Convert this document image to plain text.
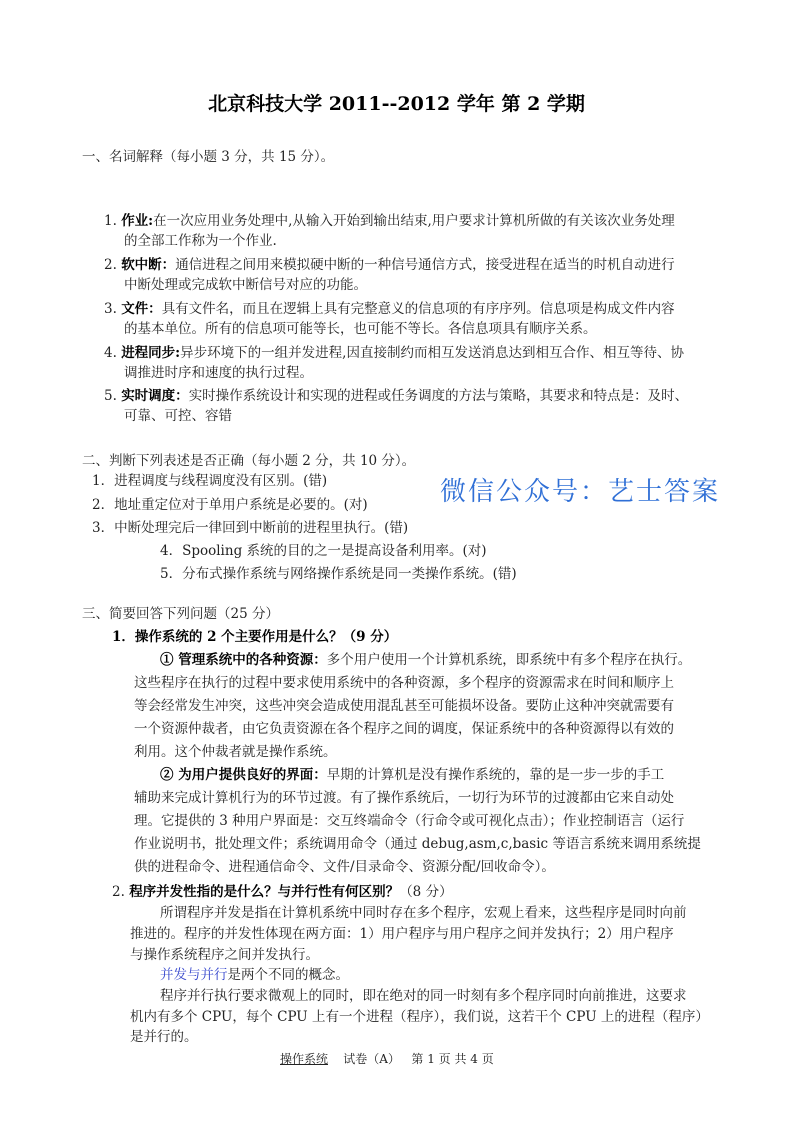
北京科技大学 2011--2012 学年 第 2 学期
一、名词解释（每小题 3 分，共 15 分）。
1. 作业:在一次应用业务处理中,从输入开始到输出结束,用户要求计算机所做的有关该次业务处理
的全部工作称为一个作业.
2. 软中断：通信进程之间用来模拟硬中断的一种信号通信方式，接受进程在适当的时机自动进行
中断处理或完成软中断信号对应的功能。
3. 文件：具有文件名，而且在逻辑上具有完整意义的信息项的有序序列。信息项是构成文件内容
的基本单位。所有的信息项可能等长，也可能不等长。各信息项具有顺序关系。
4. 进程同步:异步环境下的一组并发进程,因直接制约而相互发送消息达到相互合作、相互等待、协
调推进时序和速度的执行过程。
5. 实时调度：实时操作系统设计和实现的进程或任务调度的方法与策略，其要求和特点是：及时、
可靠、可控、容错
二、判断下列表述是否正确（每小题 2 分，共 10 分）。
1．进程调度与线程调度没有区别。(错)
2．地址重定位对于单用户系统是必要的。(对)
3．中断处理完后一律回到中断前的进程里执行。(错)
4．Spooling 系统的目的之一是提高设备利用率。(对)
5．分布式操作系统与网络操作系统是同一类操作系统。(错)
三、简要回答下列问题（25 分）
1．操作系统的 2 个主要作用是什么？（9 分）
① 管理系统中的各种资源：多个用户使用一个计算机系统，即系统中有多个程序在执行。
这些程序在执行的过程中要求使用系统中的各种资源，多个程序的资源需求在时间和顺序上
等会经常发生冲突，这些冲突会造成使用混乱甚至可能损坏设备。要防止这种冲突就需要有
一个资源仲裁者，由它负责资源在各个程序之间的调度，保证系统中的各种资源得以有效的
利用。这个仲裁者就是操作系统。
② 为用户提供良好的界面：早期的计算机是没有操作系统的，靠的是一步一步的手工
辅助来完成计算机行为的环节过渡。有了操作系统后，一切行为环节的过渡都由它来自动处
理。它提供的 3 种用户界面是：交互终端命令（行命令或可视化点击）；作业控制语言（运行
作业说明书，批处理文件；系统调用命令（通过 debug,asm,c,basic 等语言系统来调用系统提
供的进程命令、进程通信命令、文件/目录命令、资源分配/回收命令）。
2. 程序并发性指的是什么？与并行性有何区别？（8 分）
所谓程序并发是指在计算机系统中同时存在多个程序，宏观上看来，这些程序是同时向前
推进的。程序的并发性体现在两方面：1）用户程序与用户程序之间并发执行；2）用户程序
与操作系统程序之间并发执行。
并发与并行是两个不同的概念。
程序并行执行要求微观上的同时，即在绝对的同一时刻有多个程序同时向前推进，这要求
机内有多个 CPU，每个 CPU 上有一个进程（程序），我们说，这若干个 CPU 上的进程（程序）
是并行的。
操作系统 试卷（A） 第 1 页 共 4 页
微信公众号：艺士答案
